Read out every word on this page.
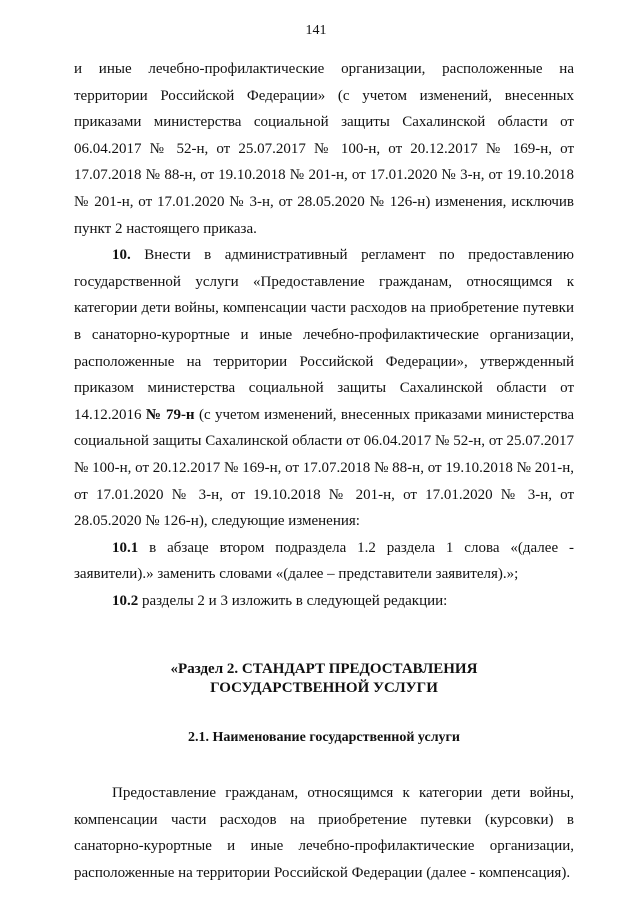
141

и иные лечебно-профилактические организации, расположенные на территории Российской Федерации» (с учетом изменений, внесенных приказами министерства социальной защиты Сахалинской области от 06.04.2017 № 52-н, от 25.07.2017 № 100-н, от 20.12.2017 № 169-н, от 17.07.2018 № 88-н, от 19.10.2018 № 201-н, от 17.01.2020 № 3-н, от 19.10.2018 № 201-н, от 17.01.2020 № 3-н, от 28.05.2020 № 126-н) изменения, исключив пункт 2 настоящего приказа.

10. Внести в административный регламент по предоставлению государственной услуги «Предоставление гражданам, относящимся к категории дети войны, компенсации части расходов на приобретение путевки в санаторно-курортные и иные лечебно-профилактические организации, расположенные на территории Российской Федерации», утвержденный приказом министерства социальной защиты Сахалинской области от 14.12.2016 № 79-н (с учетом изменений, внесенных приказами министерства социальной защиты Сахалинской области от 06.04.2017 № 52-н, от 25.07.2017 № 100-н, от 20.12.2017 № 169-н, от 17.07.2018 № 88-н, от 19.10.2018 № 201-н, от 17.01.2020 № 3-н, от 19.10.2018 № 201-н, от 17.01.2020 № 3-н, от 28.05.2020 № 126-н), следующие изменения:

10.1 в абзаце втором подраздела 1.2 раздела 1 слова «(далее - заявители).» заменить словами «(далее – представители заявителя).»;

10.2 разделы 2 и 3 изложить в следующей редакции:

«Раздел 2. СТАНДАРТ ПРЕДОСТАВЛЕНИЯ
ГОСУДАРСТВЕННОЙ УСЛУГИ
2.1. Наименование государственной услуги

Предоставление гражданам, относящимся к категории дети войны, компенсации части расходов на приобретение путевки (курсовки) в санаторно-курортные и иные лечебно-профилактические организации, расположенные на территории Российской Федерации (далее - компенсация).
